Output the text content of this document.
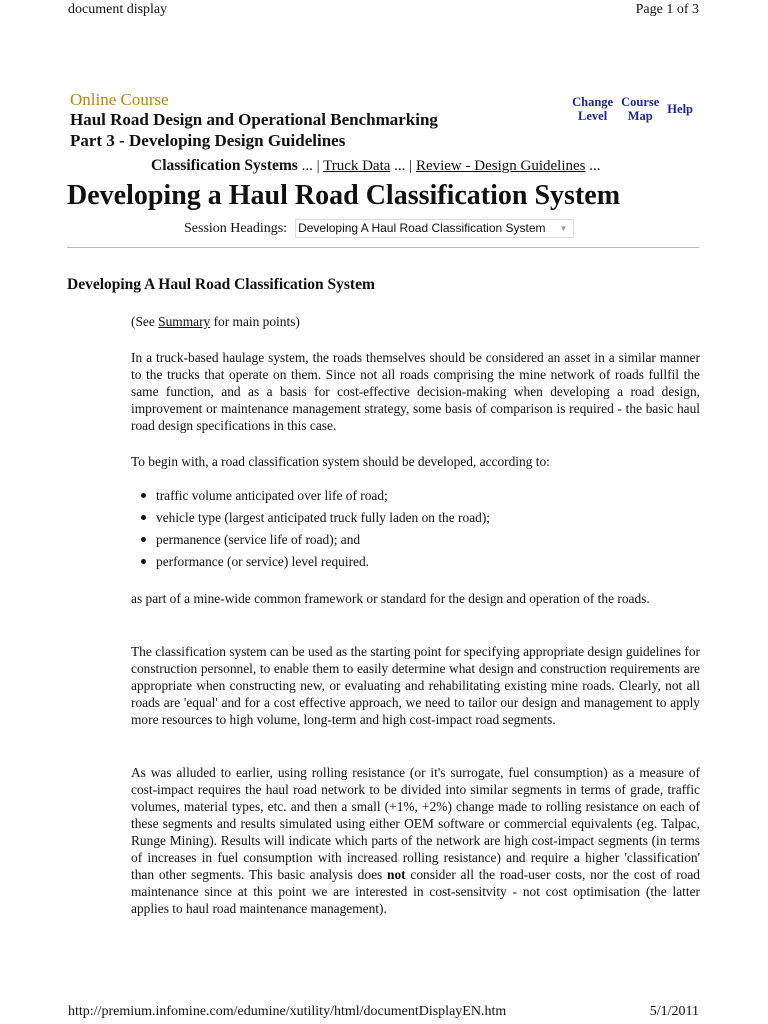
document display	Page 1 of 3
Online Course
Haul Road Design and Operational Benchmarking
Part 3 - Developing Design Guidelines
Change
Level
Course
Map	Help
Classification Systems ... | Truck Data ... | Review - Design Guidelines ...
Developing a Haul Road Classification System
Session Headings: Developing A Haul Road Classification System ▼
Developing A Haul Road Classification System
(See Summary for main points)

In a truck-based haulage system, the roads themselves should be considered an asset in a similar manner to the trucks that operate on them. Since not all roads comprising the mine network of roads fullfil the same function, and as a basis for cost-effective decision-making when developing a road design, improvement or maintenance management strategy, some basis of comparison is required - the basic haul road design specifications in this case.

To begin with, a road classification system should be developed, according to:

traffic volume anticipated over life of road;
vehicle type (largest anticipated truck fully laden on the road);
permanence (service life of road); and
performance (or service) level required.

as part of a mine-wide common framework or standard for the design and operation of the roads.

The classification system can be used as the starting point for specifying appropriate design guidelines for construction personnel, to enable them to easily determine what design and construction requirements are appropriate when constructing new, or evaluating and rehabilitating existing mine roads. Clearly, not all roads are 'equal' and for a cost effective approach, we need to tailor our design and management to apply more resources to high volume, long-term and high cost-impact road segments.

As was alluded to earlier, using rolling resistance (or it's surrogate, fuel consumption) as a measure of cost-impact requires the haul road network to be divided into similar segments in terms of grade, traffic volumes, material types, etc. and then a small (+1%, +2%) change made to rolling resistance on each of these segments and results simulated using either OEM software or commercial equivalents (eg. Talpac, Runge Mining). Results will indicate which parts of the network are high cost-impact segments (in terms of increases in fuel consumption with increased rolling resistance) and require a higher 'classification' than other segments. This basic analysis does not consider all the road-user costs, nor the cost of road maintenance since at this point we are interested in cost-sensitvity - not cost optimisation (the latter applies to haul road maintenance management).

http://premium.infomine.com/edumine/xutility/html/documentDisplayEN.htm	5/1/2011
